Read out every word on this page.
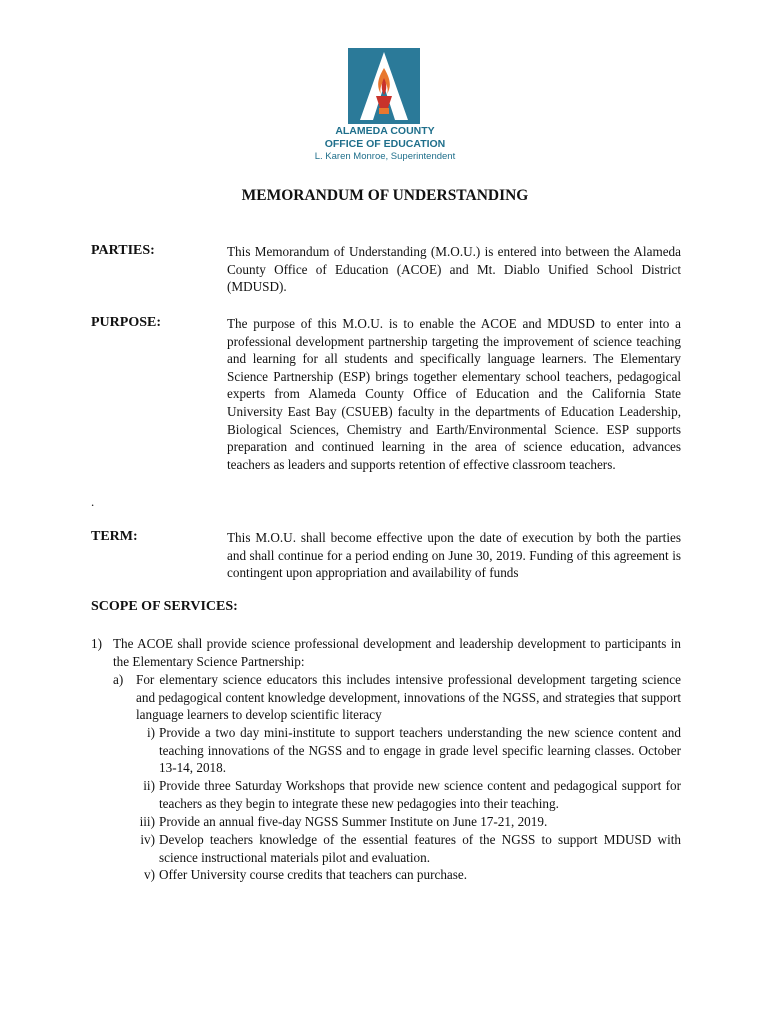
ALAMEDA COUNTY
OFFICE OF EDUCATION
L. Karen Monroe, Superintendent
MEMORANDUM OF UNDERSTANDING
PARTIES:	This Memorandum of Understanding (M.O.U.) is entered into between the Alameda County Office of Education (ACOE) and Mt. Diablo Unified School District (MDUSD).
PURPOSE:	The purpose of this M.O.U. is to enable the ACOE and MDUSD to enter into a professional development partnership targeting the improvement of science teaching and learning for all students and specifically language learners. The Elementary Science Partnership (ESP) brings together elementary school teachers, pedagogical experts from Alameda County Office of Education and the California State University East Bay (CSUEB) faculty in the departments of Education Leadership, Biological Sciences, Chemistry and Earth/Environmental Science. ESP supports preparation and continued learning in the area of science education, advances teachers as leaders and supports retention of effective classroom teachers.
.
TERM:	This M.O.U. shall become effective upon the date of execution by both the parties and shall continue for a period ending on June 30, 2019. Funding of this agreement is contingent upon appropriation and availability of funds
SCOPE OF SERVICES:
1) The ACOE shall provide science professional development and leadership development to participants in the Elementary Science Partnership:
a) For elementary science educators this includes intensive professional development targeting science and pedagogical content knowledge development, innovations of the NGSS, and strategies that support language learners to develop scientific literacy
i) Provide a two day mini-institute to support teachers understanding the new science content and teaching innovations of the NGSS and to engage in grade level specific learning classes. October 13-14, 2018.
ii) Provide three Saturday Workshops that provide new science content and pedagogical support for teachers as they begin to integrate these new pedagogies into their teaching.
iii) Provide an annual five-day NGSS Summer Institute on June 17-21, 2019.
iv) Develop teachers knowledge of the essential features of the NGSS to support MDUSD with science instructional materials pilot and evaluation.
v) Offer University course credits that teachers can purchase.
